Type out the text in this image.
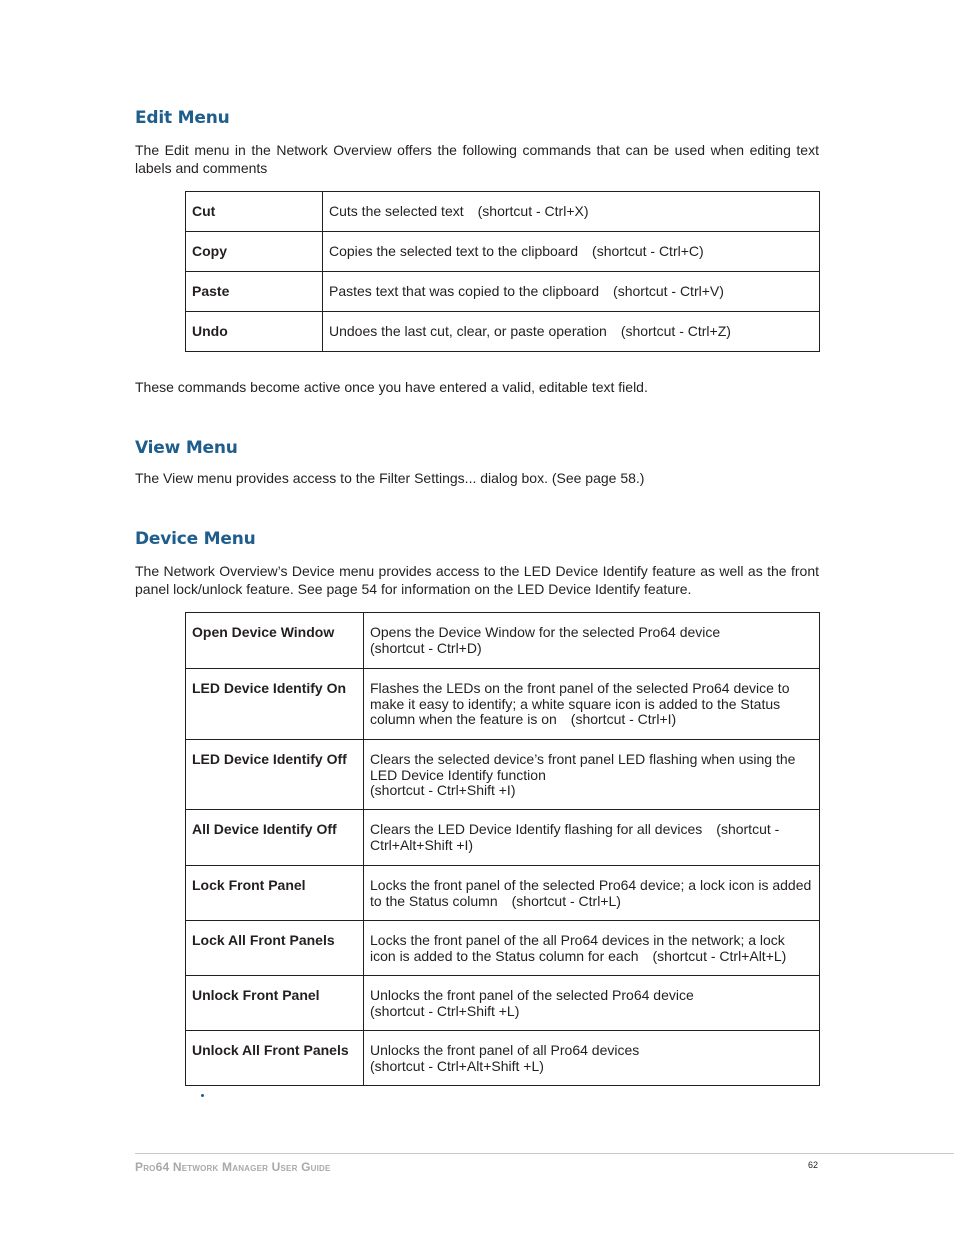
Edit Menu

The Edit menu in the Network Overview offers the following commands that can be used when editing text labels and comments

Cut	Cuts the selected text (shortcut - Ctrl+X)
Copy	Copies the selected text to the clipboard (shortcut - Ctrl+C)
Paste	Pastes text that was copied to the clipboard (shortcut - Ctrl+V)
Undo	Undoes the last cut, clear, or paste operation (shortcut - Ctrl+Z)

These commands become active once you have entered a valid, editable text field.

View Menu

The View menu provides access to the Filter Settings... dialog box. (See page 58.)

Device Menu

The Network Overview’s Device menu provides access to the LED Device Identify feature as well as the front panel lock/unlock feature. See page 54 for information on the LED Device Identify feature.

Open Device Window	Opens the Device Window for the selected Pro64 device
(shortcut - Ctrl+D)
LED Device Identify On	Flashes the LEDs on the front panel of the selected Pro64 device to make it easy to identify; a white square icon is added to the Status column when the feature is on (shortcut - Ctrl+I)
LED Device Identify Off	Clears the selected device’s front panel LED flashing when using the LED Device Identify function
(shortcut - Ctrl+Shift +I)
All Device Identify Off	Clears the LED Device Identify flashing for all devices (shortcut - Ctrl+Alt+Shift +I)
Lock Front Panel	Locks the front panel of the selected Pro64 device; a lock icon is added to the Status column (shortcut - Ctrl+L)
Lock All Front Panels	Locks the front panel of the all Pro64 devices in the network; a lock icon is added to the Status column for each (shortcut - Ctrl+Alt+L)
Unlock Front Panel	Unlocks the front panel of the selected Pro64 device
(shortcut - Ctrl+Shift +L)
Unlock All Front Panels	Unlocks the front panel of all Pro64 devices
(shortcut - Ctrl+Alt+Shift +L)
Pro64 Network Manager User Guide	62
